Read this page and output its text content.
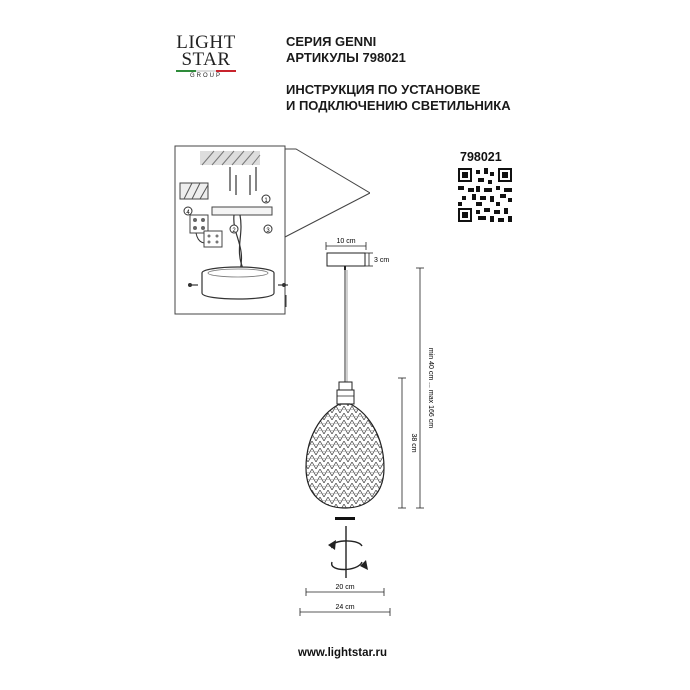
LIGHT
STAR
GROUP
СЕРИЯ GENNI
АРТИКУЛЫ 798021
ИНСТРУКЦИЯ ПО УСТАНОВКЕ
И ПОДКЛЮЧЕНИЮ СВЕТИЛЬНИКА
798021
4
1
2	3
10 cm
3 cm
20 cm
24 cm
38 cm
min 40 cm ... max 166 cm
www.lightstar.ru
